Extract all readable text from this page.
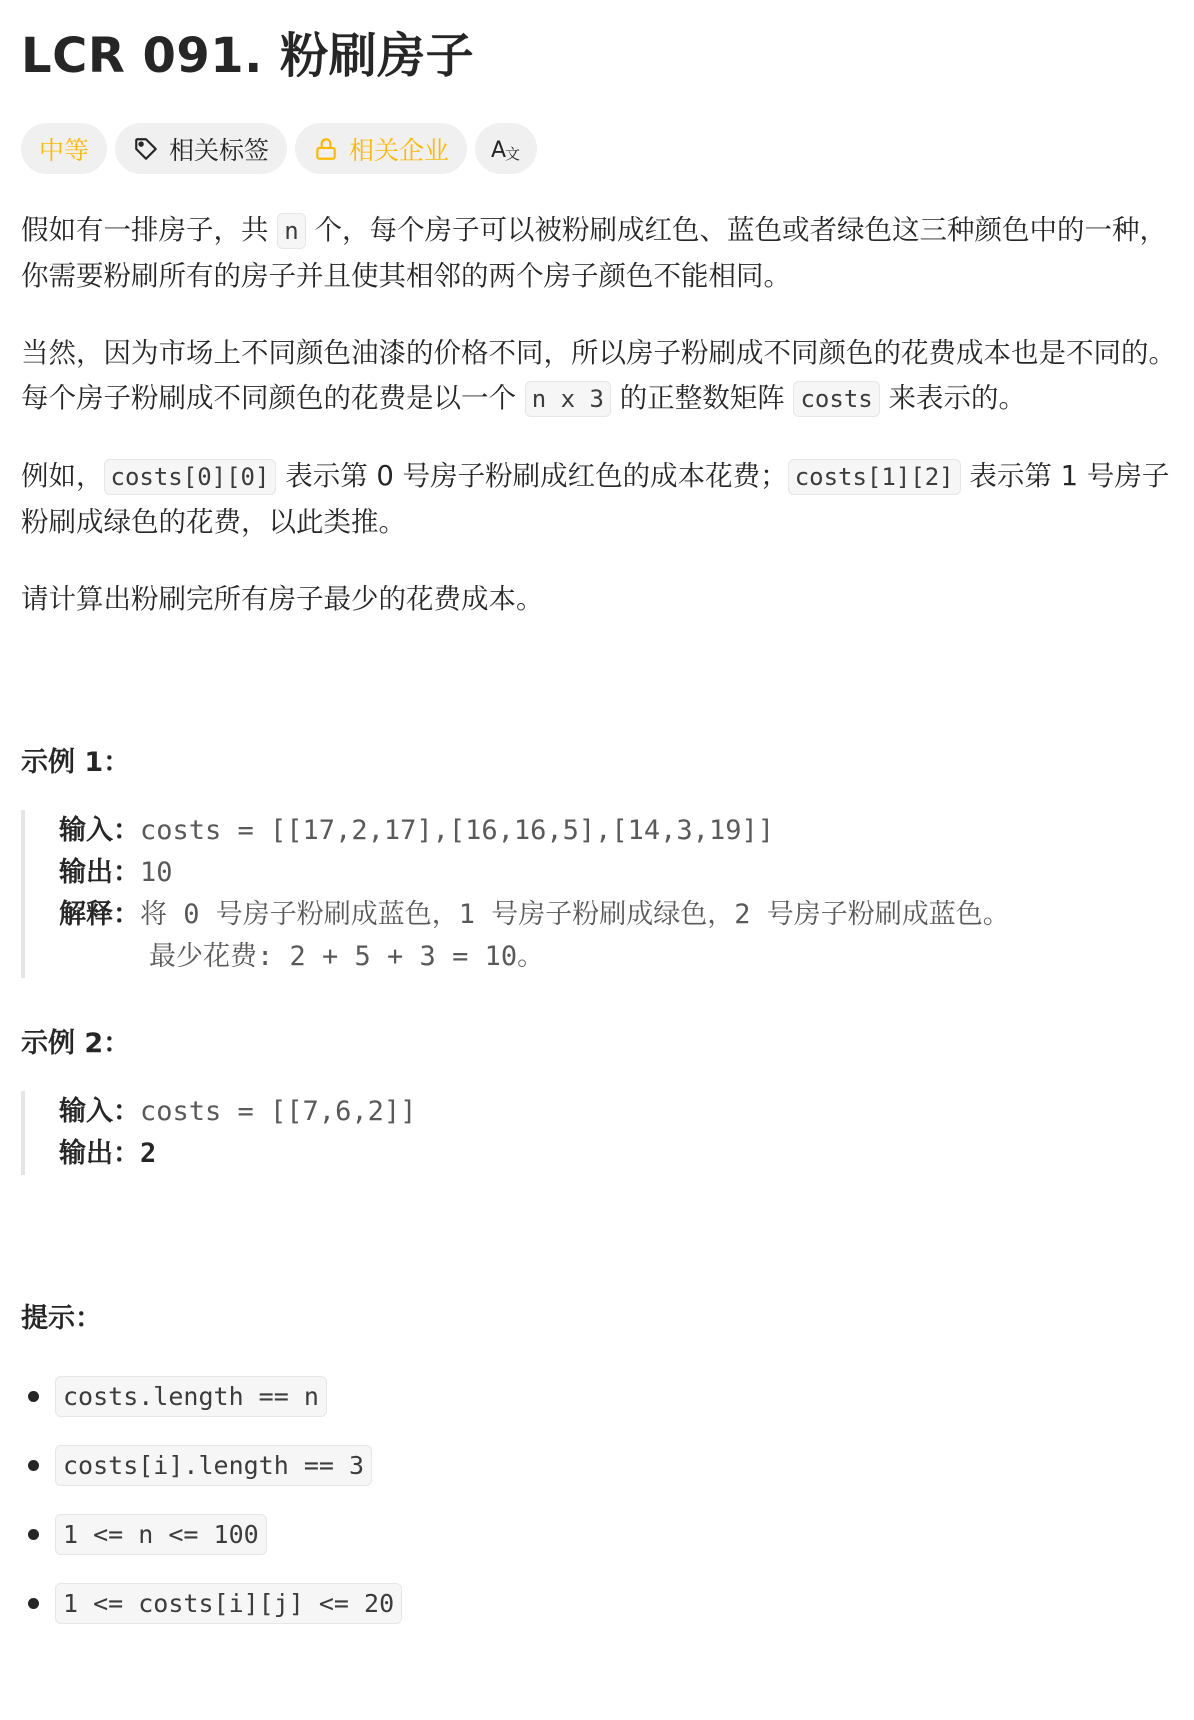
LCR 091. 粉刷房子
中等	相关标签	相关企业 A
文

假如有一排房子，共 n 个，每个房子可以被粉刷成红色、蓝色或者绿色这三种颜色中的一种，你需要粉刷所有的房子并且使其相邻的两个房子颜色不能相同。

当然，因为市场上不同颜色油漆的价格不同，所以房子粉刷成不同颜色的花费成本也是不同的。每个房子粉刷成不同颜色的花费是以一个 n x 3 的正整数矩阵 costs 来表示的。

例如， costs[0][0] 表示第 0 号房子粉刷成红色的成本花费； costs[1][2] 表示第 1 号房子粉刷成绿色的花费，以此类推。

请计算出粉刷完所有房子最少的花费成本。

示例 1：
输入：costs = [[17,2,17],[16,16,5],[14,3,19]]
输出：10
解释：将 0 号房子粉刷成蓝色，1 号房子粉刷成绿色，2 号房子粉刷成蓝色。
最少花费: 2 + 5 + 3 = 10。
示例 2：
输入：costs = [[7,6,2]]
输出：2
提示：
costs.length == n
costs[i].length == 3
1 <= n <= 100
1 <= costs[i][j] <= 20
